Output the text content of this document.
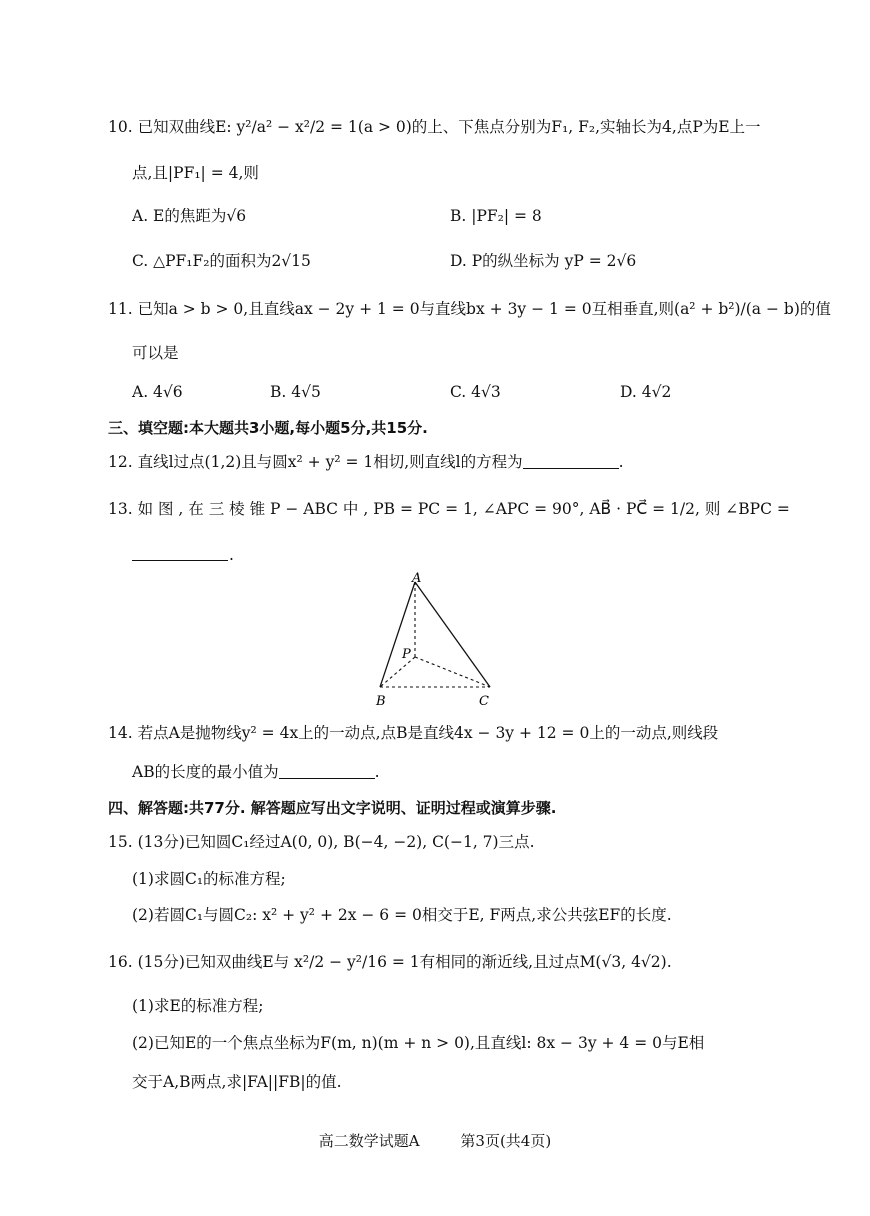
10. 已知双曲线E: y²/a² − x²/2 = 1(a > 0)的上、下焦点分别为F₁, F₂,实轴长为4,点P为E上一
点,且|PF₁| = 4,则
A. E的焦距为√6	B. |PF₂| = 8
C. △PF₁F₂的面积为2√15	D. P的纵坐标为 yP = 2√6
11. 已知a > b > 0,且直线ax − 2y + 1 = 0与直线bx + 3y − 1 = 0互相垂直,则(a² + b²)/(a − b)的值
可以是
A. 4√6	B. 4√5	C. 4√3	D. 4√2
三、填空题:本大题共3小题,每小题5分,共15分.
12. 直线l过点(1,2)且与圆x² + y² = 1相切,则直线l的方程为	.
13. 如 图 , 在 三 棱 锥 P − ABC 中 , PB = PC = 1, ∠APC = 90°, AB⃗ · PC⃗ = 1/2, 则 ∠BPC =
.
A
P
B	C
14. 若点A是抛物线y² = 4x上的一动点,点B是直线4x − 3y + 12 = 0上的一动点,则线段
AB的长度的最小值为	.
四、解答题:共77分. 解答题应写出文字说明、证明过程或演算步骤.
15. (13分)已知圆C₁经过A(0, 0), B(−4, −2), C(−1, 7)三点.
(1)求圆C₁的标准方程;
(2)若圆C₁与圆C₂: x² + y² + 2x − 6 = 0相交于E, F两点,求公共弦EF的长度.
16. (15分)已知双曲线E与 x²/2 − y²/16 = 1有相同的渐近线,且过点M(√3, 4√2).
(1)求E的标准方程;
(2)已知E的一个焦点坐标为F(m, n)(m + n > 0),且直线l: 8x − 3y + 4 = 0与E相
交于A,B两点,求|FA||FB|的值.
高二数学试题A	第3页(共4页)
